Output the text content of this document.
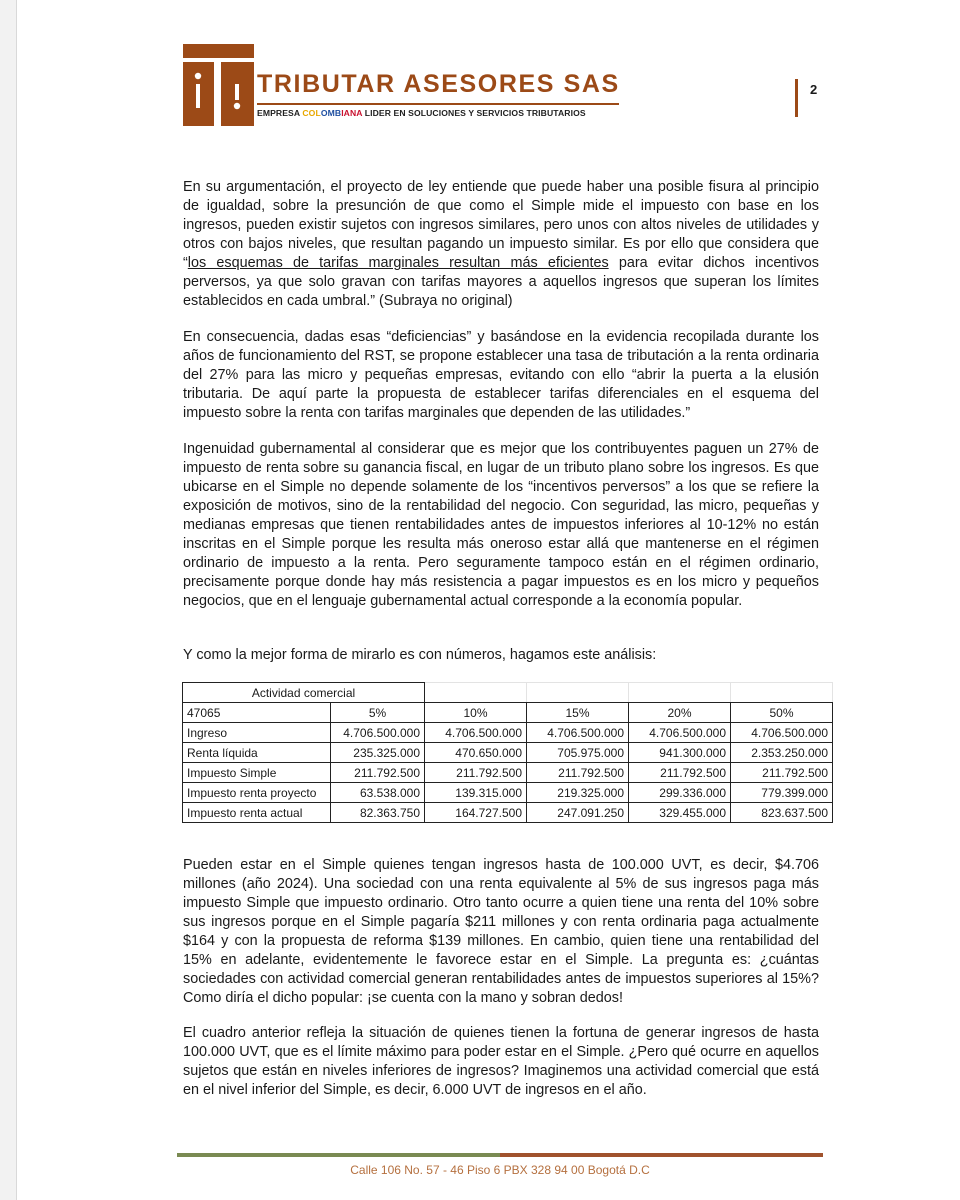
TRIBUTAR ASESORES SAS
EMPRESA COLOMBIANA LIDER EN SOLUCIONES Y SERVICIOS TRIBUTARIOS
2

En su argumentación, el proyecto de ley entiende que puede haber una posible fisura al principio de igualdad, sobre la presunción de que como el Simple mide el impuesto con base en los ingresos, pueden existir sujetos con ingresos similares, pero unos con altos niveles de utilidades y otros con bajos niveles, que resultan pagando un impuesto similar. Es por ello que considera que “los esquemas de tarifas marginales resultan más eficientes para evitar dichos incentivos perversos, ya que solo gravan con tarifas mayores a aquellos ingresos que superan los límites establecidos en cada umbral.” (Subraya no original)

En consecuencia, dadas esas “deficiencias” y basándose en la evidencia recopilada durante los años de funcionamiento del RST, se propone establecer una tasa de tributación a la renta ordinaria del 27% para las micro y pequeñas empresas, evitando con ello “abrir la puerta a la elusión tributaria. De aquí parte la propuesta de establecer tarifas diferenciales en el esquema del impuesto sobre la renta con tarifas marginales que dependen de las utilidades.”

Ingenuidad gubernamental al considerar que es mejor que los contribuyentes paguen un 27% de impuesto de renta sobre su ganancia fiscal, en lugar de un tributo plano sobre los ingresos. Es que ubicarse en el Simple no depende solamente de los “incentivos perversos” a los que se refiere la exposición de motivos, sino de la rentabilidad del negocio. Con seguridad, las micro, pequeñas y medianas empresas que tienen rentabilidades antes de impuestos inferiores al 10-12% no están inscritas en el Simple porque les resulta más oneroso estar allá que mantenerse en el régimen ordinario de impuesto a la renta. Pero seguramente tampoco están en el régimen ordinario, precisamente porque donde hay más resistencia a pagar impuestos es en los micro y pequeños negocios, que en el lenguaje gubernamental actual corresponde a la economía popular.

Y como la mejor forma de mirarlo es con números, hagamos este análisis:

Actividad comercial					
47065	5%	10%	15%	20%	50%
Ingreso	4.706.500.000	4.706.500.000	4.706.500.000	4.706.500.000	4.706.500.000
Renta líquida	235.325.000	470.650.000	705.975.000	941.300.000	2.353.250.000
Impuesto Simple	211.792.500	211.792.500	211.792.500	211.792.500	211.792.500
Impuesto renta proyecto	63.538.000	139.315.000	219.325.000	299.336.000	779.399.000
Impuesto renta actual	82.363.750	164.727.500	247.091.250	329.455.000	823.637.500

Pueden estar en el Simple quienes tengan ingresos hasta de 100.000 UVT, es decir, $4.706 millones (año 2024). Una sociedad con una renta equivalente al 5% de sus ingresos paga más impuesto Simple que impuesto ordinario. Otro tanto ocurre a quien tiene una renta del 10% sobre sus ingresos porque en el Simple pagaría $211 millones y con renta ordinaria paga actualmente $164 y con la propuesta de reforma $139 millones. En cambio, quien tiene una rentabilidad del 15% en adelante, evidentemente le favorece estar en el Simple. La pregunta es: ¿cuántas sociedades con actividad comercial generan rentabilidades antes de impuestos superiores al 15%? Como diría el dicho popular: ¡se cuenta con la mano y sobran dedos!

El cuadro anterior refleja la situación de quienes tienen la fortuna de generar ingresos de hasta 100.000 UVT, que es el límite máximo para poder estar en el Simple. ¿Pero qué ocurre en aquellos sujetos que están en niveles inferiores de ingresos? Imaginemos una actividad comercial que está en el nivel inferior del Simple, es decir, 6.000 UVT de ingresos en el año.

Calle 106 No. 57 - 46 Piso 6 PBX 328 94 00 Bogotá D.C
